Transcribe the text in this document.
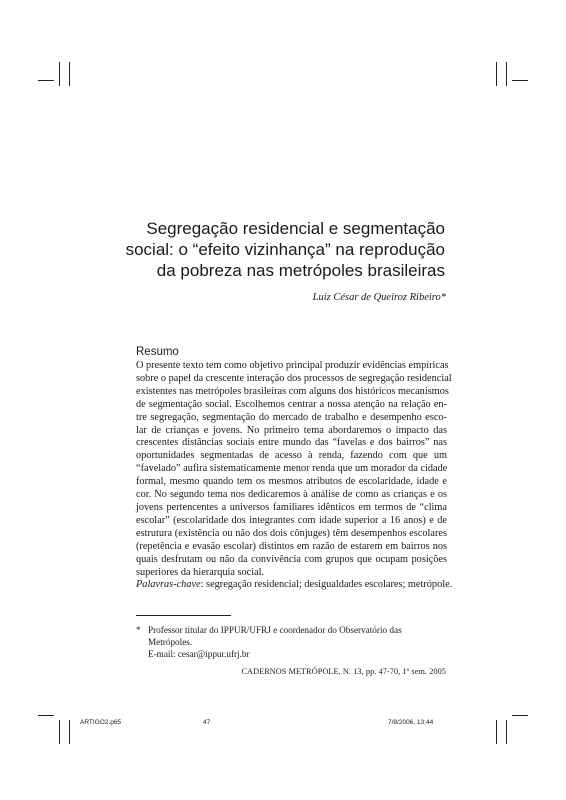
Segregação residencial e segmentação
social: o “efeito vizinhança” na reprodução
da pobreza nas metrópoles brasileiras
Luiz César de Queiroz Ribeiro*
Resumo
O presente texto tem como objetivo principal produzir evidências empíricas
sobre o papel da crescente interação dos processos de segregação residencial
existentes nas metrópoles brasileiras com alguns dos históricos mecanismos
de segmentação social. Escolhemos centrar a nossa atenção na relação en-
tre segregação, segmentação do mercado de trabalho e desempenho esco-
lar de crianças e jovens. No primeiro tema abordaremos o impacto das
crescentes distâncias sociais entre mundo das “favelas e dos bairros” nas
oportunidades segmentadas de acesso à renda, fazendo com que um
“favelado” aufira sistematicamente menor renda que um morador da cidade
formal, mesmo quando tem os mesmos atributos de escolaridade, idade e
cor. No segundo tema nos dedicaremos à análise de como as crianças e os
jovens pertencentes a universos familiares idênticos em termos de “clima
escolar” (escolaridade dos integrantes com idade superior a 16 anos) e de
estrutura (existência ou não dos dois cônjuges) têm desempenhos escolares
(repetência e evasão escolar) distintos em razão de estarem em bairros nos
quais desfrutam ou não da convivência com grupos que ocupam posições
superiores da hierarquia social.
Palavras-chave: segregação residencial; desigualdades escolares; metrópole.
* Professor titular do IPPUR/UFRJ e coordenador do Observatório das Metrópoles.
E-mail: cesar@ippur.ufrj.br
CADERNOS METRÓPOLE, N. 13, pp. 47-70, 1º sem. 2005
ARTIGO2.p65	47	7/8/2006, 13:44
